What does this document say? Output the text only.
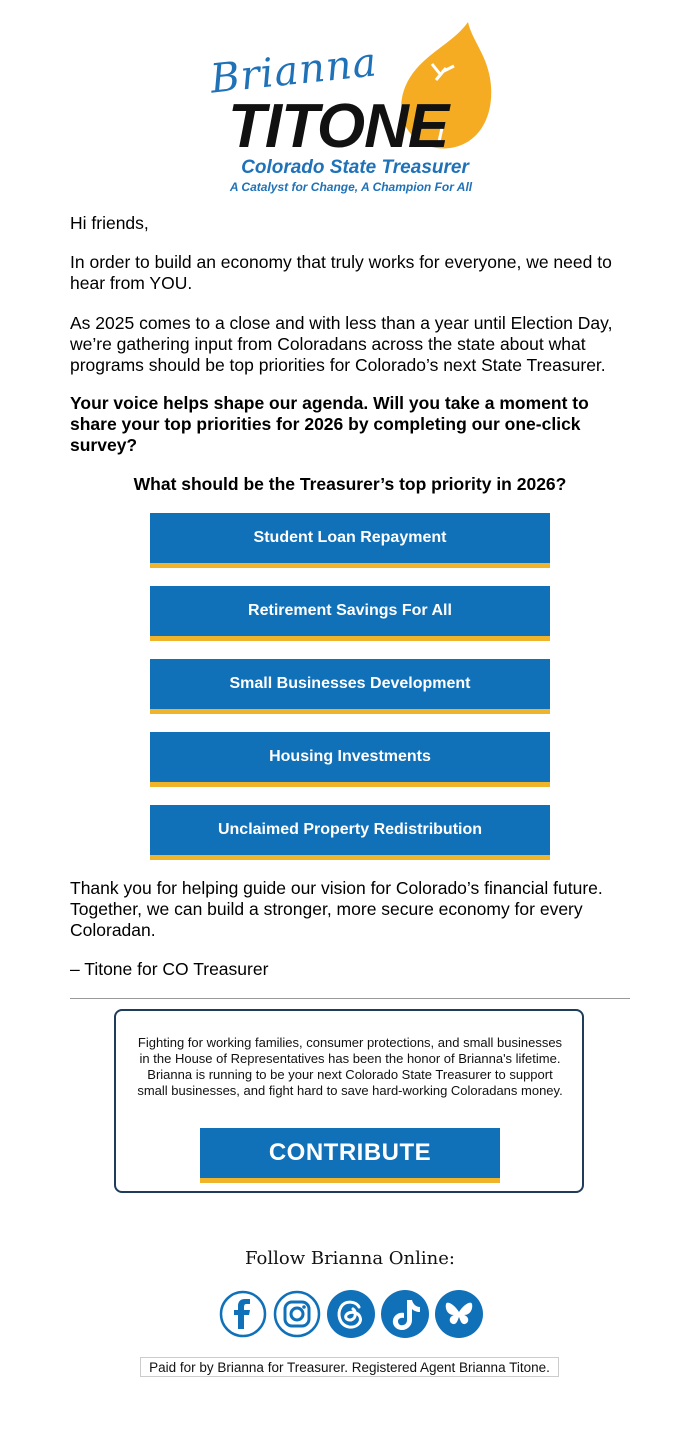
Brianna
TITONE
Colorado State Treasurer
A Catalyst for Change, A Champion For All

Hi friends,

In order to build an economy that truly works for everyone, we need to hear from YOU.

As 2025 comes to a close and with less than a year until Election Day, we’re gathering input from Coloradans across the state about what programs should be top priorities for Colorado’s next State Treasurer.

Your voice helps shape our agenda. Will you take a moment to share your top priorities for 2026 by completing our one-click survey?

What should be the Treasurer’s top priority in 2026?
Student Loan Repayment
Retirement Savings For All
Small Businesses Development
Housing Investments
Unclaimed Property Redistribution

Thank you for helping guide our vision for Colorado’s financial future. Together, we can build a stronger, more secure economy for every Coloradan.

– Titone for CO Treasurer

Fighting for working families, consumer protections, and small businesses in the House of Representatives has been the honor of Brianna's lifetime. Brianna is running to be your next Colorado State Treasurer to support small businesses, and fight hard to save hard-working Coloradans money.

CONTRIBUTE
Follow Brianna Online:
Paid for by Brianna for Treasurer. Registered Agent Brianna Titone.
